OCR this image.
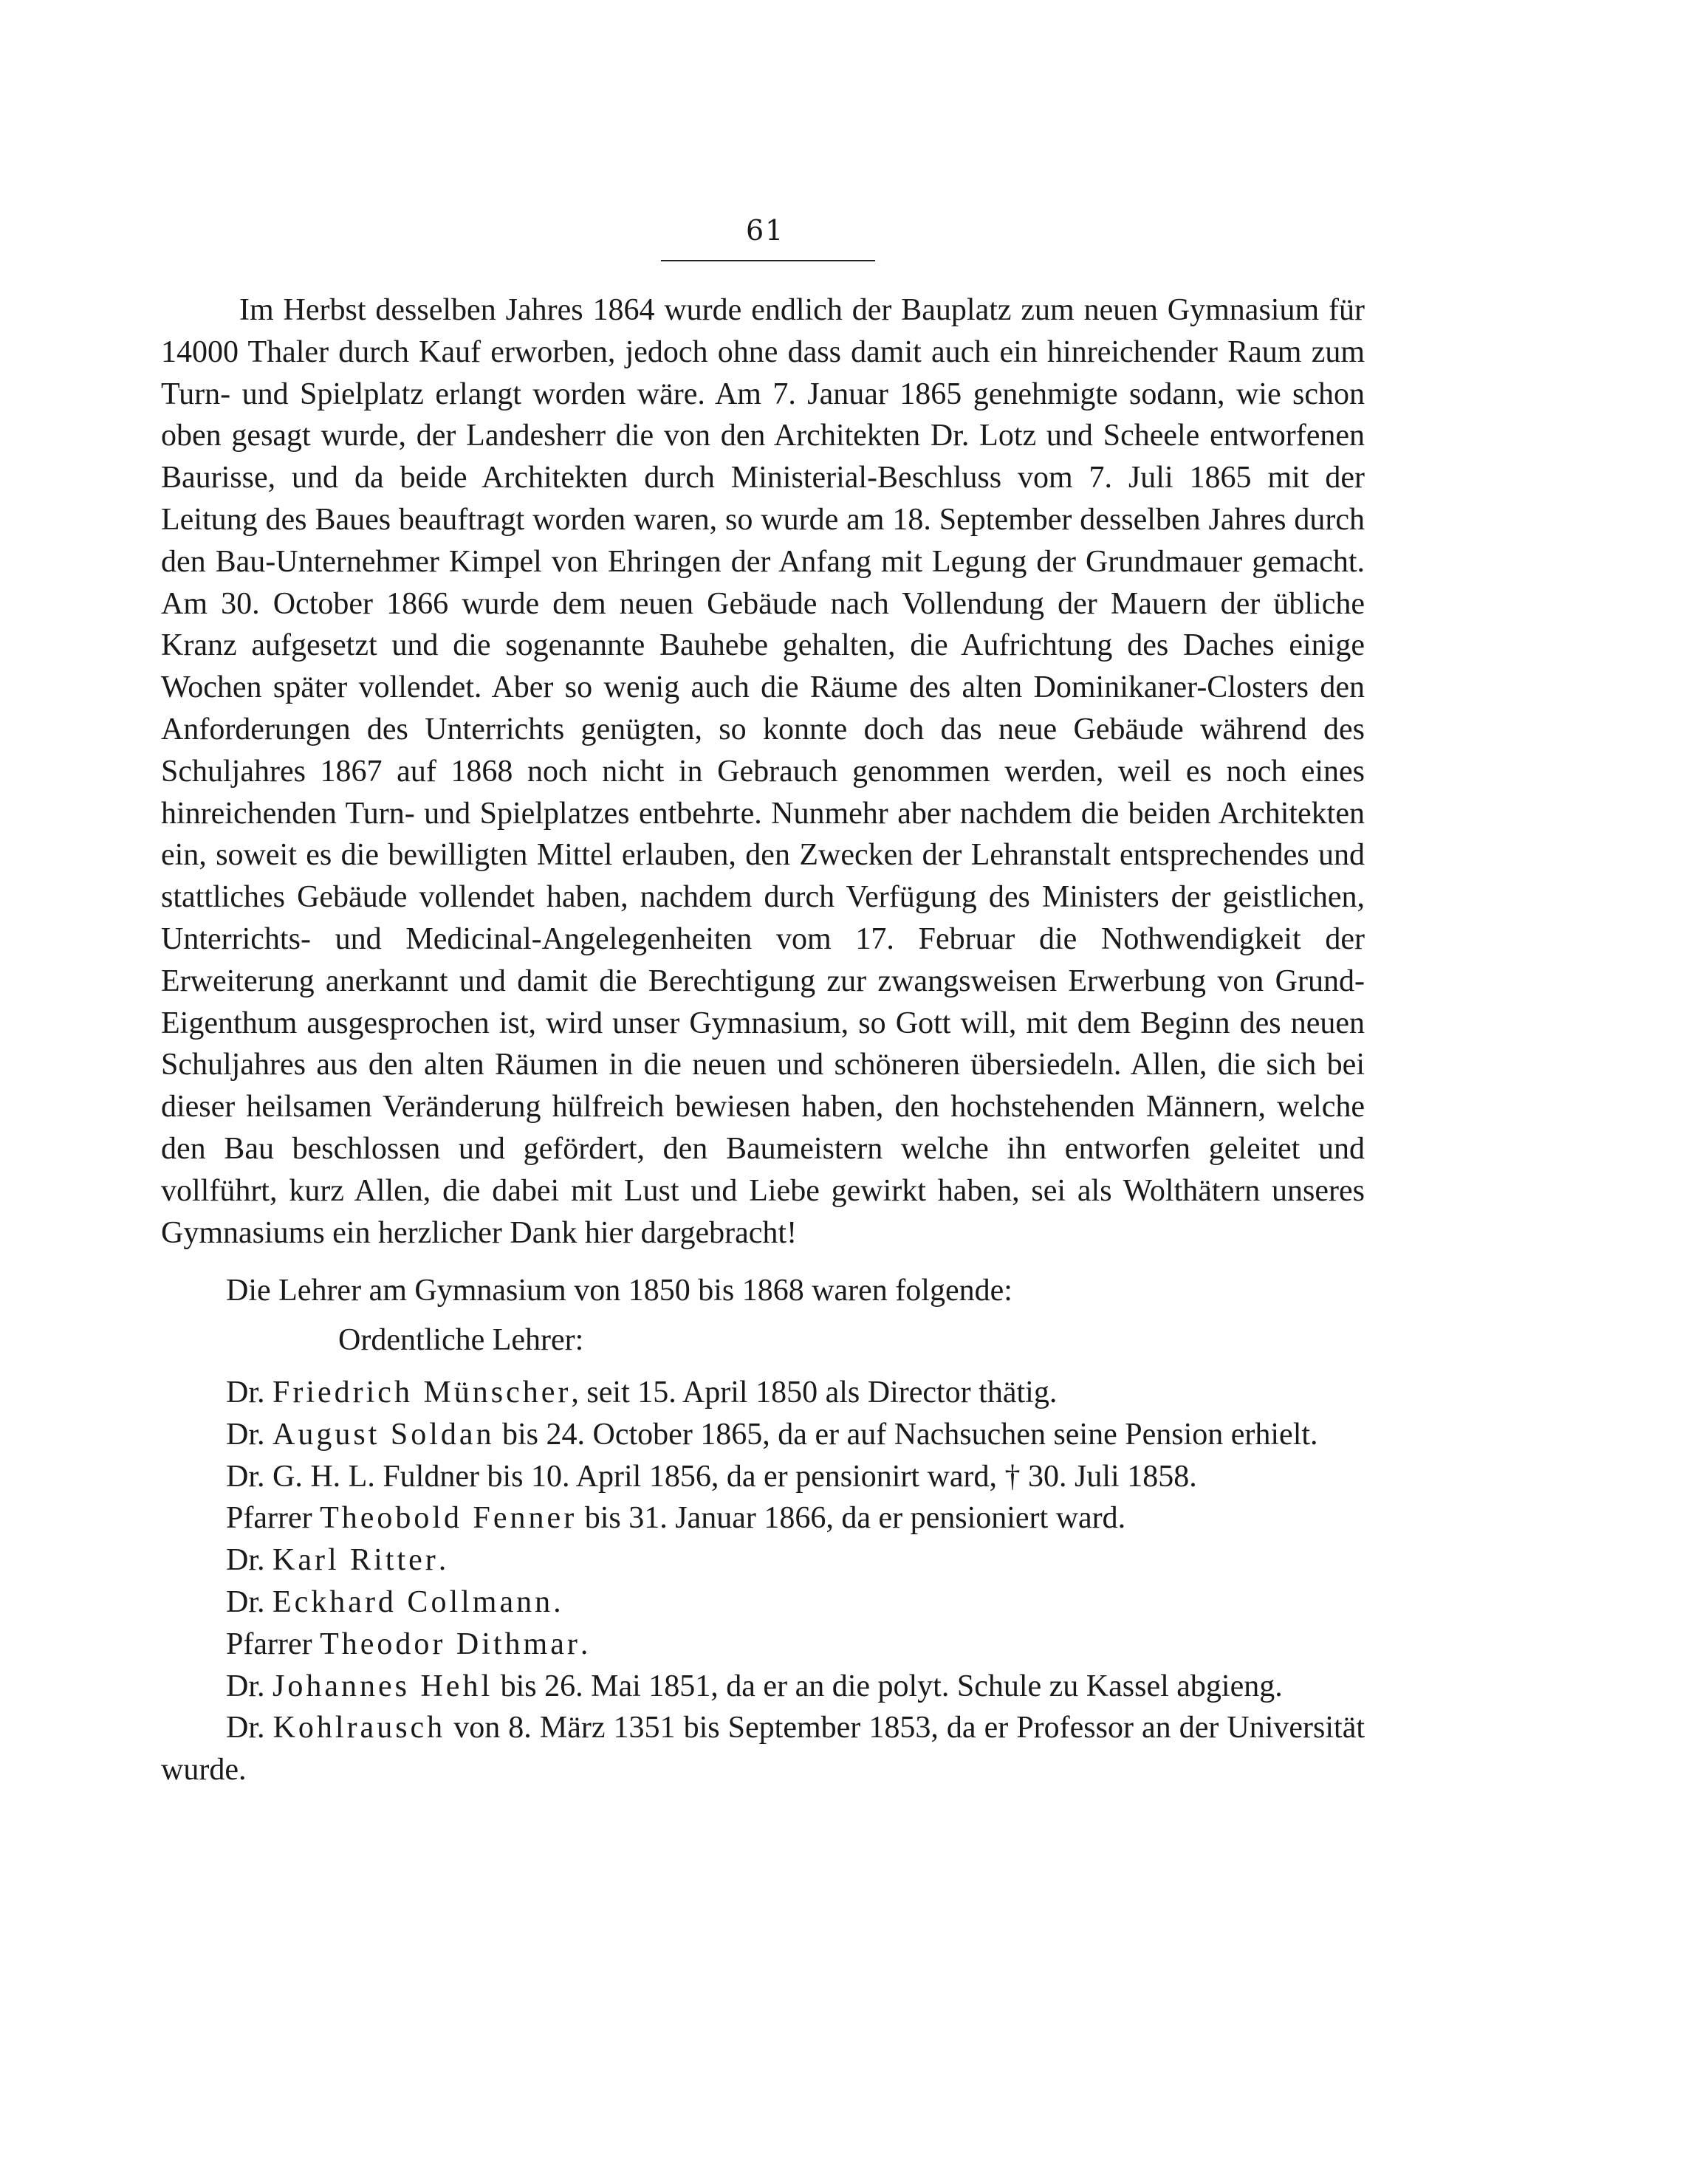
61

Im Herbst desselben Jahres 1864 wurde endlich der Bauplatz zum neuen Gymnasium für 14000 Thaler durch Kauf erworben, jedoch ohne dass damit auch ein hinreichender Raum zum Turn- und Spielplatz erlangt worden wäre. Am 7. Januar 1865 genehmigte sodann, wie schon oben gesagt wurde, der Landesherr die von den Architekten Dr. Lotz und Scheele entworfenen Baurisse, und da beide Architekten durch Ministerial-Beschluss vom 7. Juli 1865 mit der Leitung des Baues beauftragt worden waren, so wurde am 18. September desselben Jahres durch den Bau-Unternehmer Kimpel von Ehringen der Anfang mit Legung der Grundmauer gemacht. Am 30. October 1866 wurde dem neuen Gebäude nach Vollendung der Mauern der übliche Kranz aufgesetzt und die sogenannte Bauhebe gehalten, die Aufrichtung des Daches einige Wochen später vollendet. Aber so wenig auch die Räume des alten Dominikaner-Closters den Anforderungen des Unterrichts genügten, so konnte doch das neue Gebäude während des Schuljahres 1867 auf 1868 noch nicht in Gebrauch genommen werden, weil es noch eines hinreichenden Turn- und Spielplatzes entbehrte. Nunmehr aber nachdem die beiden Architekten ein, soweit es die bewilligten Mittel erlauben, den Zwecken der Lehranstalt entsprechendes und stattliches Gebäude vollendet haben, nachdem durch Verfügung des Ministers der geistlichen, Unterrichts- und Medicinal-Angelegenheiten vom 17. Februar die Nothwendigkeit der Erweiterung anerkannt und damit die Berechtigung zur zwangsweisen Erwerbung von Grund-Eigenthum ausgesprochen ist, wird unser Gymnasium, so Gott will, mit dem Beginn des neuen Schuljahres aus den alten Räumen in die neuen und schöneren übersiedeln. Allen, die sich bei dieser heilsamen Veränderung hülfreich bewiesen haben, den hochstehenden Männern, welche den Bau beschlossen und gefördert, den Baumeistern welche ihn entworfen geleitet und vollführt, kurz Allen, die dabei mit Lust und Liebe gewirkt haben, sei als Wolthätern unseres Gymnasiums ein herzlicher Dank hier dargebracht!

Die Lehrer am Gymnasium von 1850 bis 1868 waren folgende:

Ordentliche Lehrer:

Dr. Friedrich Münscher, seit 15. April 1850 als Director thätig.
Dr. August Soldan bis 24. October 1865, da er auf Nachsuchen seine Pension erhielt.
Dr. G. H. L. Fuldner bis 10. April 1856, da er pensionirt ward, † 30. Juli 1858.
Pfarrer Theobold Fenner bis 31. Januar 1866, da er pensioniert ward.
Dr. Karl Ritter.
Dr. Eckhard Collmann.
Pfarrer Theodor Dithmar.
Dr. Johannes Hehl bis 26. Mai 1851, da er an die polyt. Schule zu Kassel abgieng.
Dr. Kohlrausch von 8. März 1351 bis September 1853, da er Professor an der Universität wurde.
